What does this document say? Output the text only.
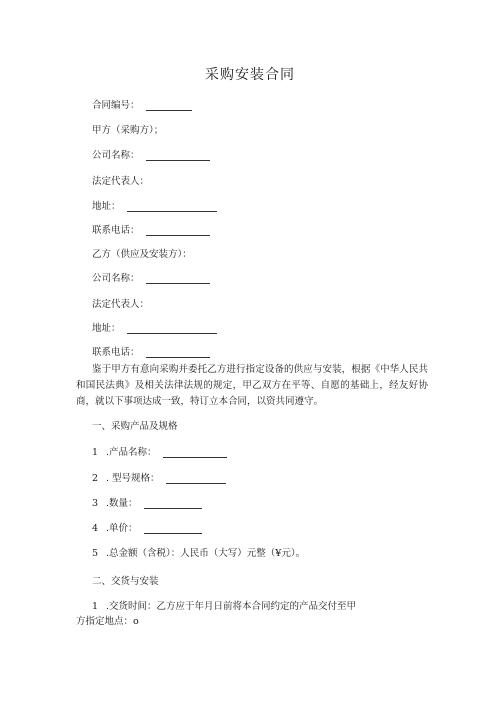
采购安装合同
合同编号：
甲方（采购方）；
公司名称：
法定代表人：
地址：
联系电话：
乙方（供应及安装方）：
公司名称：
法定代表人：
地址：
联系电话：
鉴于甲方有意向采购并委托乙方进行指定设备的供应与安装，根据《中华人民共和国民法典》及相关法律法规的规定，甲乙双方在平等、自愿的基础上，经友好协商，就以下事项达成一致，特订立本合同，以资共同遵守。
一、采购产品及规格
1 .产品名称：
2 . 型号规格：
3 .数量：
4 .单价：
5 .总金额（含税）：人民币（大写）元整（¥元）。
二、交货与安装
1 .交货时间：乙方应于年月日前将本合同约定的产品交付至甲
方指定地点：o
